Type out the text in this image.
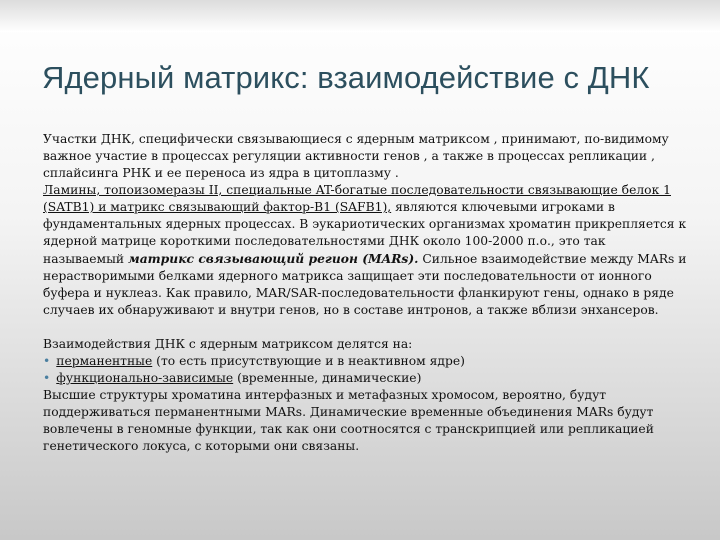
Ядерный матрикс: взаимодействие с ДНК

Участки ДНК, специфически связывающиеся с ядерным матриксом , принимают, по-видимому важное участие в процессах регуляции активности генов , а также в процессах репликации , сплайсинга РНК и ее переноса из ядра в цитоплазму .

Ламины, топоизомеразы II, специальные AT-богатые последовательности связывающие белок 1 (SATB1) и матрикс связывающий фактор-B1 (SAFB1), являются ключевыми игроками в фундаментальных ядерных процессах. В эукариотических организмах хроматин прикрепляется к ядерной матрице короткими последовательностями ДНК около 100-2000 п.о., это так называемый матрикс связывающий регион (MARs). Сильное взаимодействие между MARs и нерастворимыми белками ядерного матрикса защищает эти последовательности от ионного буфера и нуклеаз. Как правило, MAR/SAR-последовательности фланкируют гены, однако в ряде случаев их обнаруживают и внутри генов, но в составе интронов, а также вблизи энхансеров.

Взаимодействия ДНК с ядерным матриксом делятся на:

• перманентные (то есть присутствующие и в неактивном ядре)

• функционально-зависимые (временные, динамические)

Высшие структуры хроматина интерфазных и метафазных хромосом, вероятно, будут поддерживаться перманентными MARs. Динамические временные объединения MARs будут вовлечены в геномные функции, так как они соотносятся с транскрипцией или репликацией генетического локуса, с которыми они связаны.
